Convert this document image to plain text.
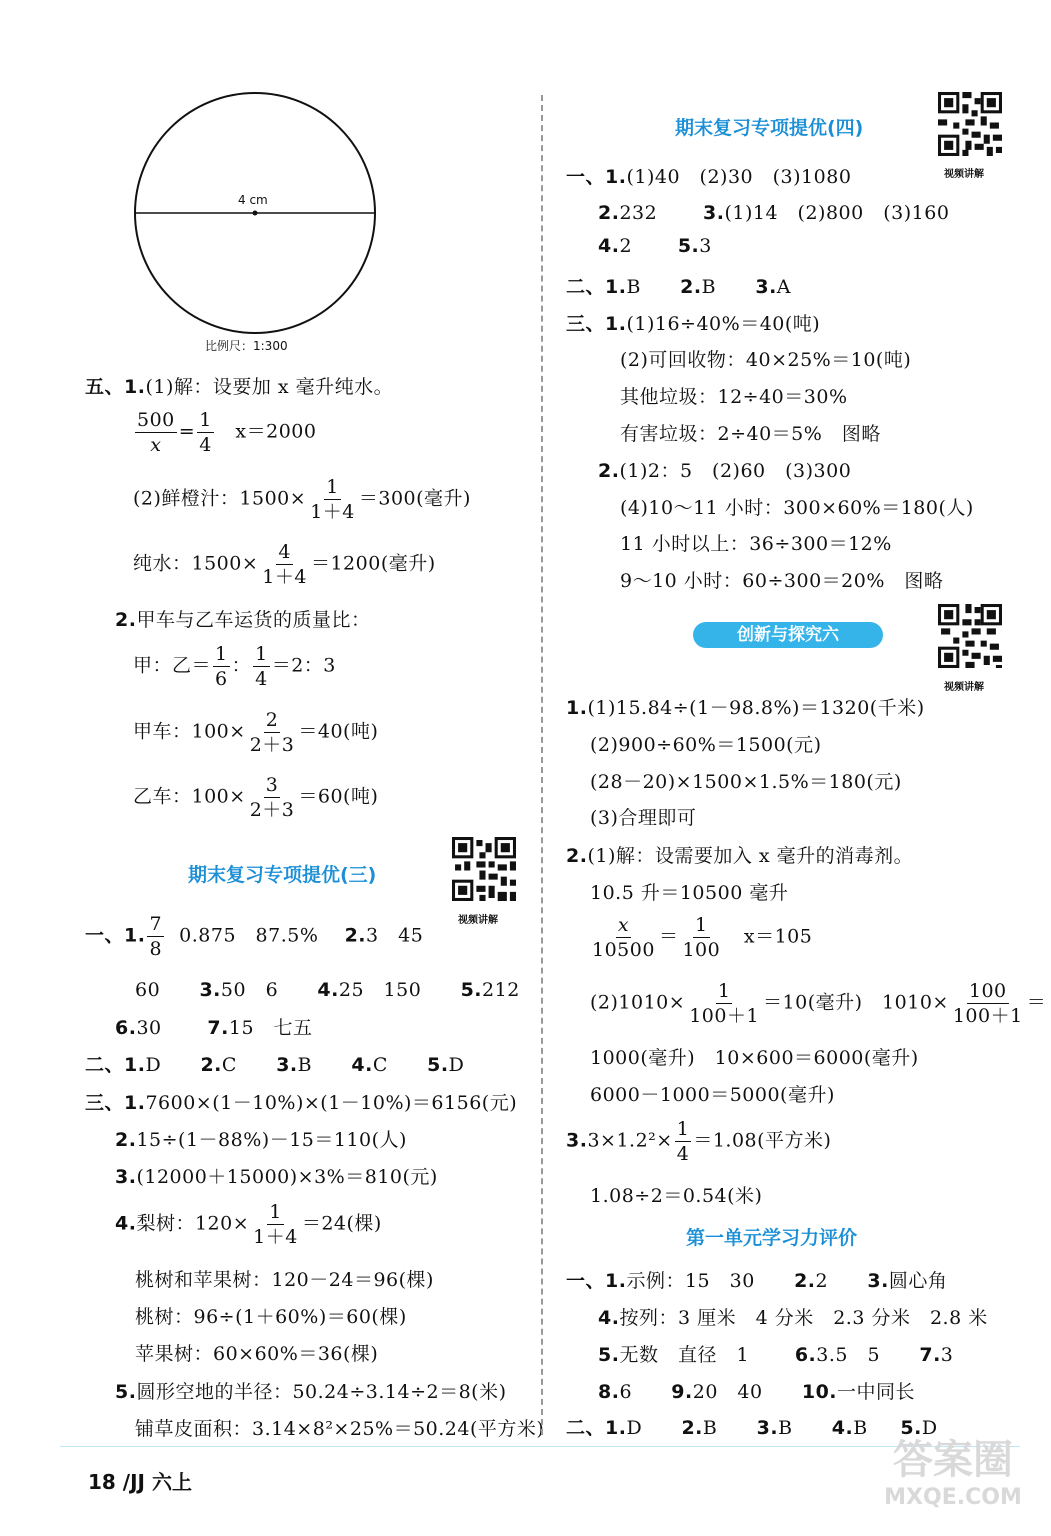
4 cm
比例尺：1:300
五、1.(1)解：设要加 x 毫升纯水。
$\frac{500}{x} = \frac{1}{4} x=2000$
(2)鲜橙汁：$1500\times \frac{1}{1+4} =300$(毫升)
纯水：$1500\times \frac{4}{1+4} =1200$(毫升)
2.甲车与乙车运货的质量比：
甲：乙＝ $\frac{1}{6}$ ： $\frac{1}{4} =2$：3
甲车：$100\times \frac{2}{2+3} =40$(吨)
乙车：$100\times \frac{3}{2+3} =60$(吨)
期末复习专项提优(三)
视频讲解
一、1. $\frac{7}{8} 0.875$　87.5% 2.3　45
60 3.50　6 4.25　150 5.212
6.30 7.15　七五
二、1.D 2.C 3.B 4.C 5.D
三、1.7600×(1－10%)×(1－10%)＝6156(元)
2.15÷(1－88%)－15＝110(人)
3.(12000＋15000)×3%＝810(元)
4.梨树：$120\times \frac{1}{1+4} =24$(棵)
桃树和苹果树：120－24＝96(棵)
桃树：96÷(1＋60%)＝60(棵)
苹果树：60×60%＝36(棵)
5.圆形空地的半径：50.24÷3.14÷2＝8(米)
铺草皮面积：3.14×8²×25%＝50.24(平方米)
期末复习专项提优(四)
视频讲解
一、1.(1)40　(2)30　(3)1080
2.232 3.(1)14　(2)800　(3)160
4.2 5.3
二、1.B 2.B 3.A
三、1.(1)16÷40%＝40(吨)
(2)可回收物：40×25%＝10(吨)
其他垃圾：12÷40＝30%
有害垃圾：2÷40＝5%　图略
2.(1)2：5　(2)60　(3)300
(4)10～11 小时：300×60%＝180(人)
11 小时以上：36÷300＝12%
9～10 小时：60÷300＝20%　图略
创新与探究六
视频讲解
1.(1)15.84÷(1－98.8%)＝1320(千米)
(2)900÷60%＝1500(元)
(28－20)×1500×1.5%＝180(元)
(3)合理即可
2.(1)解：设需要加入 x 毫升的消毒剂。
10.5 升＝10500 毫升
$\frac{x}{10500} = \frac{1}{100} x=105$
$(2)1010\times \frac{1}{100+1} =10$(毫升)　$1010\times \frac{100}{100+1}$ ＝
1000(毫升)　10×600＝6000(毫升)
6000－1000＝5000(毫升)
$3.3\times 1.2^2\times \frac{1}{4} =1.08$(平方米)
1.08÷2＝0.54(米)
第一单元学习力评价
一、1.示例：15　30 2.2 3.圆心角
4.按列：3 厘米　4 分米　2.3 分米　2.8 米
5.无数　直径　1 6.3.5　5 7.3
8.6 9.20　40 10.一中同长
二、1.D 2.B 3.B 4.B 5.D
18 /JJ 六上	答案圈
MXQE.COM
